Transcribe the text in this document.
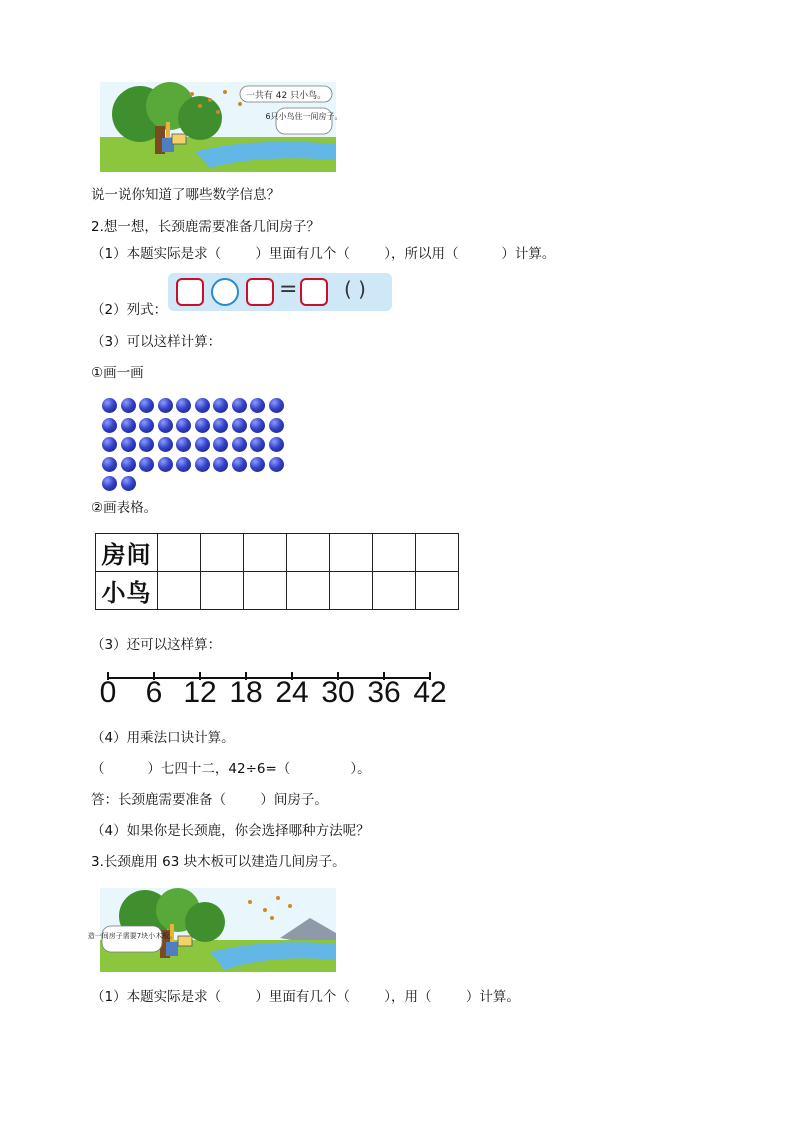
一共有 42 只小鸟。
6只小鸟住一间房子。
说一说你知道了哪些数学信息？
2.想一想，长颈鹿需要准备几间房子？
（1）本题实际是求（        ）里面有几个（        ），所以用（          ）计算。
（2）列式：
= ( )
（3）可以这样计算：
①画一画
②画表格。
房间							
小鸟							
（3）还可以这样算：
0 6 12 18 24 30 36 42
（4）用乘法口诀计算。
（          ）七四十二，42÷6=（              ）。
答：长颈鹿需要准备（        ）间房子。
（4）如果你是长颈鹿，你会选择哪种方法呢？
3.长颈鹿用 63 块木板可以建造几间房子。
造一间房子需要7块小木板。
（1）本题实际是求（        ）里面有几个（        ），用（        ）计算。
